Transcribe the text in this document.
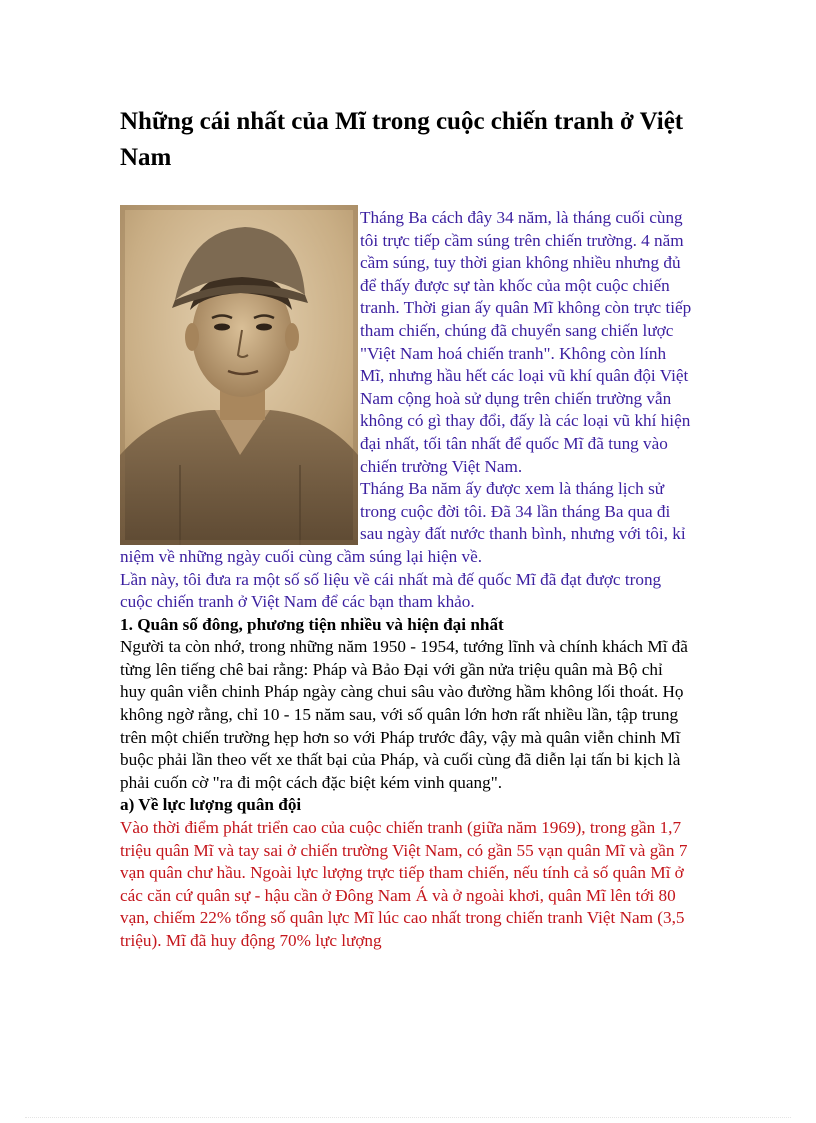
Những cái nhất của Mĩ trong cuộc chiến tranh ở Việt Nam

Tháng Ba cách đây 34 năm, là tháng cuối cùng tôi trực tiếp cầm súng trên chiến trường. 4 năm cầm súng, tuy thời gian không nhiều nhưng đủ để thấy được sự tàn khốc của một cuộc chiến tranh. Thời gian ấy quân Mĩ không còn trực tiếp tham chiến, chúng đã chuyển sang chiến lược "Việt Nam hoá chiến tranh". Không còn lính Mĩ, nhưng hầu hết các loại vũ khí quân đội Việt Nam cộng hoà sử dụng trên chiến trường vẫn không có gì thay đổi, đấy là các loại vũ khí hiện đại nhất, tối tân nhất để quốc Mĩ đã tung vào chiến trường Việt Nam.

Tháng Ba năm ấy được xem là tháng lịch sử trong cuộc đời tôi. Đã 34 lần tháng Ba qua đi sau ngày đất nước thanh bình, nhưng với tôi, kỉ niệm về những ngày cuối cùng cầm súng lại hiện về.

Lần này, tôi đưa ra một số số liệu về cái nhất mà đế quốc Mĩ đã đạt được trong cuộc chiến tranh ở Việt Nam để các bạn tham khảo.

1. Quân số đông, phương tiện nhiều và hiện đại nhất

Người ta còn nhớ, trong những năm 1950 - 1954, tướng lĩnh và chính khách Mĩ đã từng lên tiếng chê bai rằng: Pháp và Bảo Đại với gần nửa triệu quân mà Bộ chỉ huy quân viễn chinh Pháp ngày càng chui sâu vào đường hầm không lối thoát. Họ không ngờ rằng, chỉ 10 - 15 năm sau, với số quân lớn hơn rất nhiều lần, tập trung trên một chiến trường hẹp hơn so với Pháp trước đây, vậy mà quân viễn chinh Mĩ buộc phải lần theo vết xe thất bại của Pháp, và cuối cùng đã diễn lại tấn bi kịch là phải cuốn cờ "ra đi một cách đặc biệt kém vinh quang".

a) Về lực lượng quân đội

Vào thời điểm phát triển cao của cuộc chiến tranh (giữa năm 1969), trong gần 1,7 triệu quân Mĩ và tay sai ở chiến trường Việt Nam, có gần 55 vạn quân Mĩ và gần 7 vạn quân chư hầu. Ngoài lực lượng trực tiếp tham chiến, nếu tính cả số quân Mĩ ở các căn cứ quân sự - hậu cần ở Đông Nam Á và ở ngoài khơi, quân Mĩ lên tới 80 vạn, chiếm 22% tổng số quân lực Mĩ lúc cao nhất trong chiến tranh Việt Nam (3,5 triệu). Mĩ đã huy động 70% lực lượng
